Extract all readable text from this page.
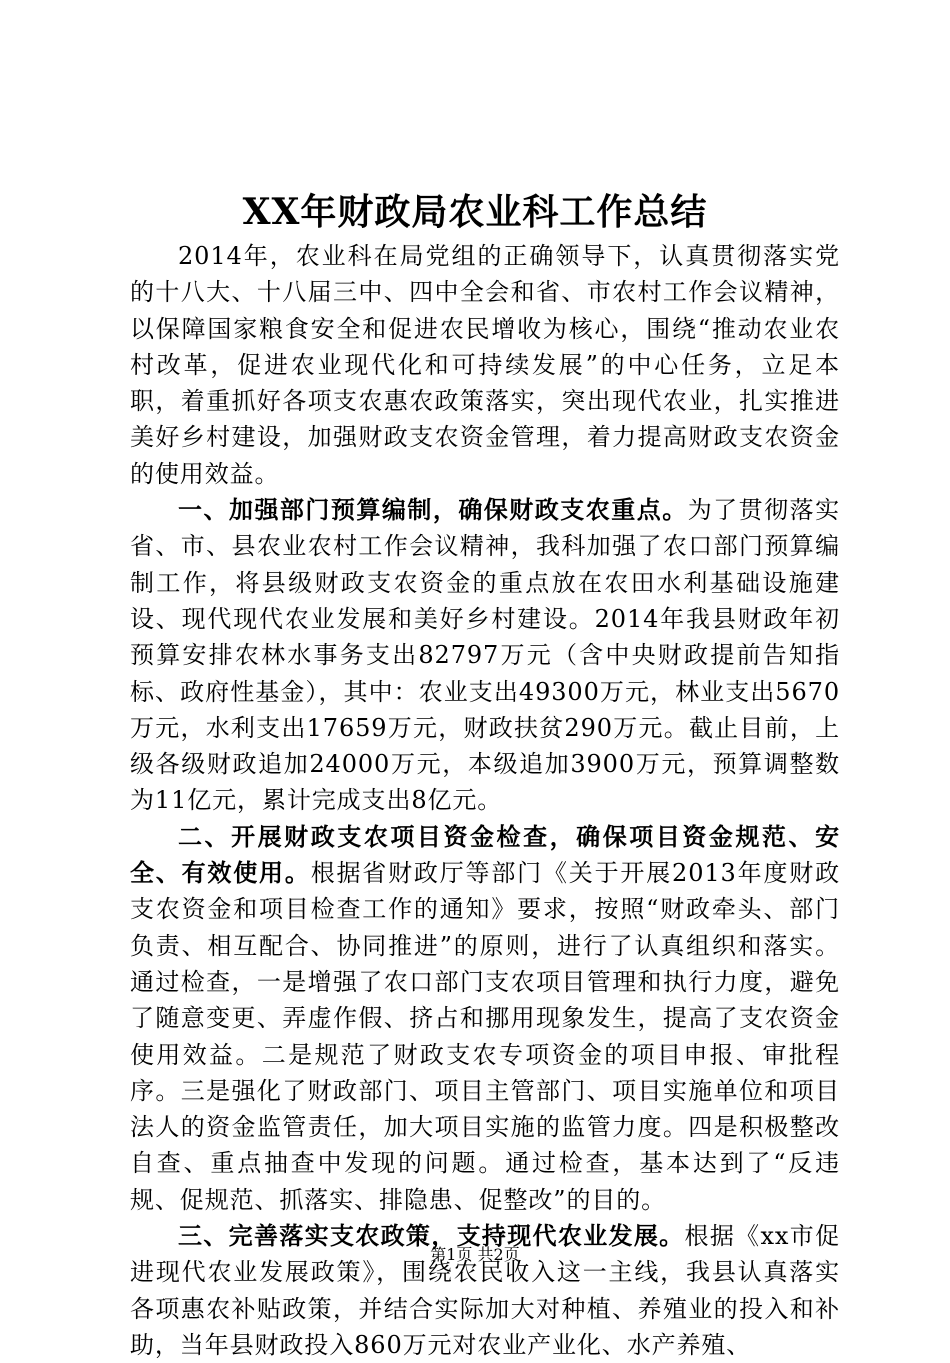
XX年财政局农业科工作总结

2014年，农业科在局党组的正确领导下，认真贯彻落实党的十八大、十八届三中、四中全会和省、市农村工作会议精神，以保障国家粮食安全和促进农民增收为核心，围绕“推动农业农村改革，促进农业现代化和可持续发展”的中心任务，立足本职，着重抓好各项支农惠农政策落实，突出现代农业，扎实推进美好乡村建设，加强财政支农资金管理，着力提高财政支农资金的使用效益。

一、加强部门预算编制，确保财政支农重点。为了贯彻落实省、市、县农业农村工作会议精神，我科加强了农口部门预算编制工作，将县级财政支农资金的重点放在农田水利基础设施建设、现代现代农业发展和美好乡村建设。2014年我县财政年初预算安排农林水事务支出82797万元（含中央财政提前告知指标、政府性基金），其中：农业支出49300万元，林业支出5670万元，水利支出17659万元，财政扶贫290万元。截止目前，上级各级财政追加24000万元，本级追加3900万元，预算调整数为11亿元，累计完成支出8亿元。

二、开展财政支农项目资金检查，确保项目资金规范、安全、有效使用。根据省财政厅等部门《关于开展2013年度财政支农资金和项目检查工作的通知》要求，按照“财政牵头、部门负责、相互配合、协同推进”的原则，进行了认真组织和落实。通过检查，一是增强了农口部门支农项目管理和执行力度，避免了随意变更、弄虚作假、挤占和挪用现象发生，提高了支农资金使用效益。二是规范了财政支农专项资金的项目申报、审批程序。三是强化了财政部门、项目主管部门、项目实施单位和项目法人的资金监管责任，加大项目实施的监管力度。四是积极整改自查、重点抽查中发现的问题。通过检查，基本达到了“反违规、促规范、抓落实、排隐患、促整改”的目的。

三、完善落实支农政策，支持现代农业发展。根据《xx市促进现代农业发展政策》，围绕农民收入这一主线，我县认真落实各项惠农补贴政策，并结合实际加大对种植、养殖业的投入和补助，当年县财政投入860万元对农业产业化、水产养殖、

第1页 共2页
